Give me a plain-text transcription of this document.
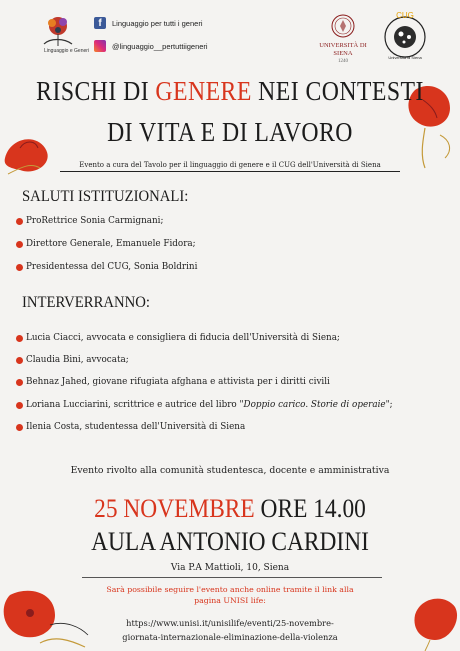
Linguaggio e Generi
f	Linguaggio per tutti i generi
@linguaggio__pertuttiigeneri	UNIVERSITÀ DI SIENA
1240
CUG
Università di Siena
RISCHI DI GENERE NEI CONTESTI
DI VITA E DI LAVORO
Evento a cura del Tavolo per il linguaggio di genere e il CUG dell'Università di Siena
SALUTI ISTITUZIONALI:
ProRettrice Sonia Carmignani;
Direttore Generale, Emanuele Fidora;
Presidentessa del CUG, Sonia Boldrini
INTERVERRANNO:
Lucia Ciacci, avvocata e consigliera di fiducia dell'Università di Siena;
Claudia Bini, avvocata;
Behnaz Jahed, giovane rifugiata afghana e attivista per i diritti civili
Loriana Lucciarini, scrittrice e autrice del libro "Doppio carico. Storie di operaie";
Ilenia Costa, studentessa dell'Università di Siena
Evento rivolto alla comunità studentesca, docente e amministrativa
25 NOVEMBRE ORE 14.00
AULA ANTONIO CARDINI
Via P.A Mattioli, 10, Siena
Sarà possibile seguire l'evento anche online tramite il link alla
pagina UNISI life:
https://www.unisi.it/unisilife/eventi/25-novembre-
giornata-internazionale-eliminazione-della-violenza
